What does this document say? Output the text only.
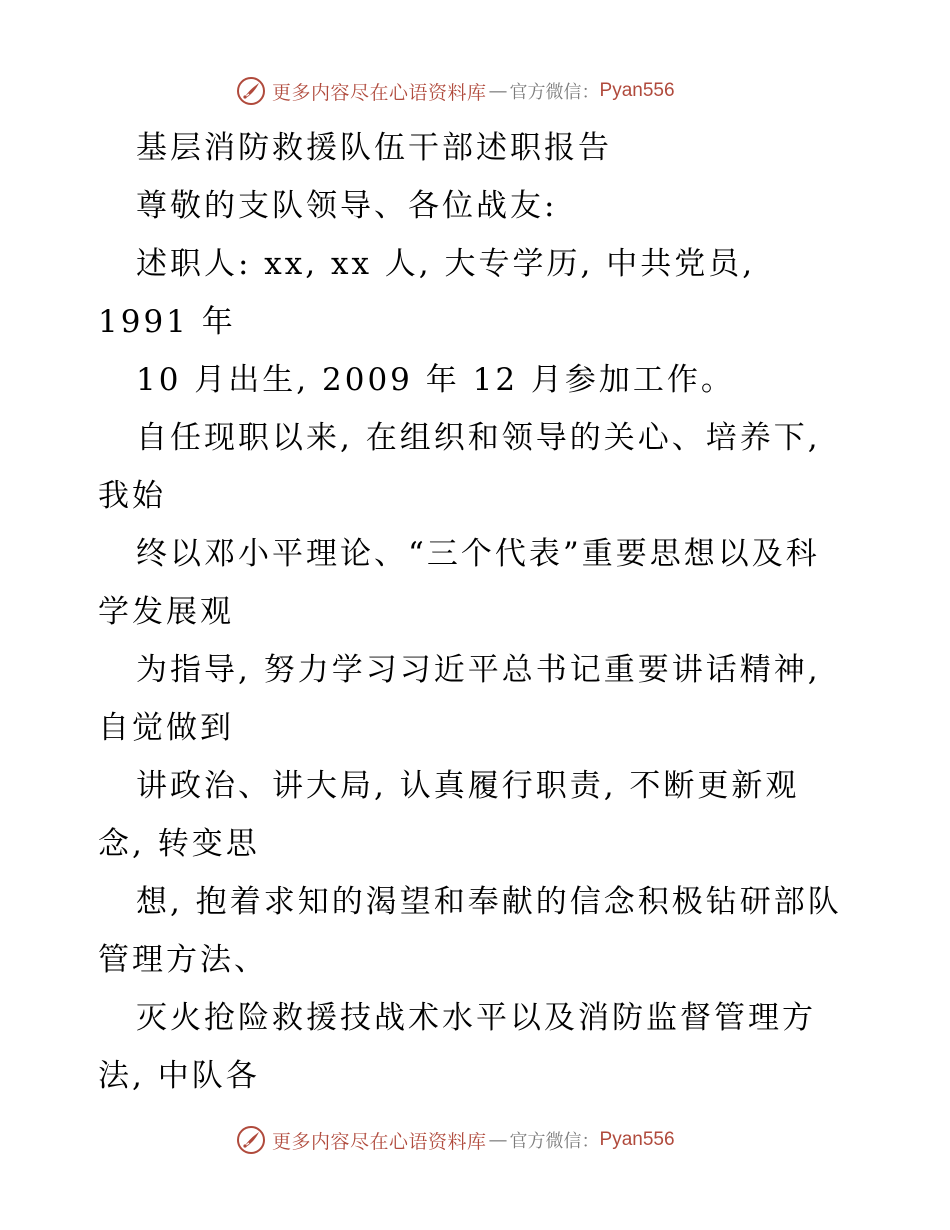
更多内容尽在心语资料库 — 官方微信： Pyan556
基层消防救援队伍干部述职报告
尊敬的支队领导、各位战友:
述职人: xx, xx 人, 大专学历, 中共党员,
1991 年
10 月出生, 2009 年 12 月参加工作。
自任现职以来, 在组织和领导的关心、培养下,
我始
终以邓小平理论、“三个代表”重要思想以及科
学发展观
为指导, 努力学习习近平总书记重要讲话精神,
自觉做到
讲政治、讲大局, 认真履行职责, 不断更新观
念, 转变思
想, 抱着求知的渴望和奉献的信念积极钻研部队
管理方法、
灭火抢险救援技战术水平以及消防监督管理方
法, 中队各
更多内容尽在心语资料库 — 官方微信： Pyan556
